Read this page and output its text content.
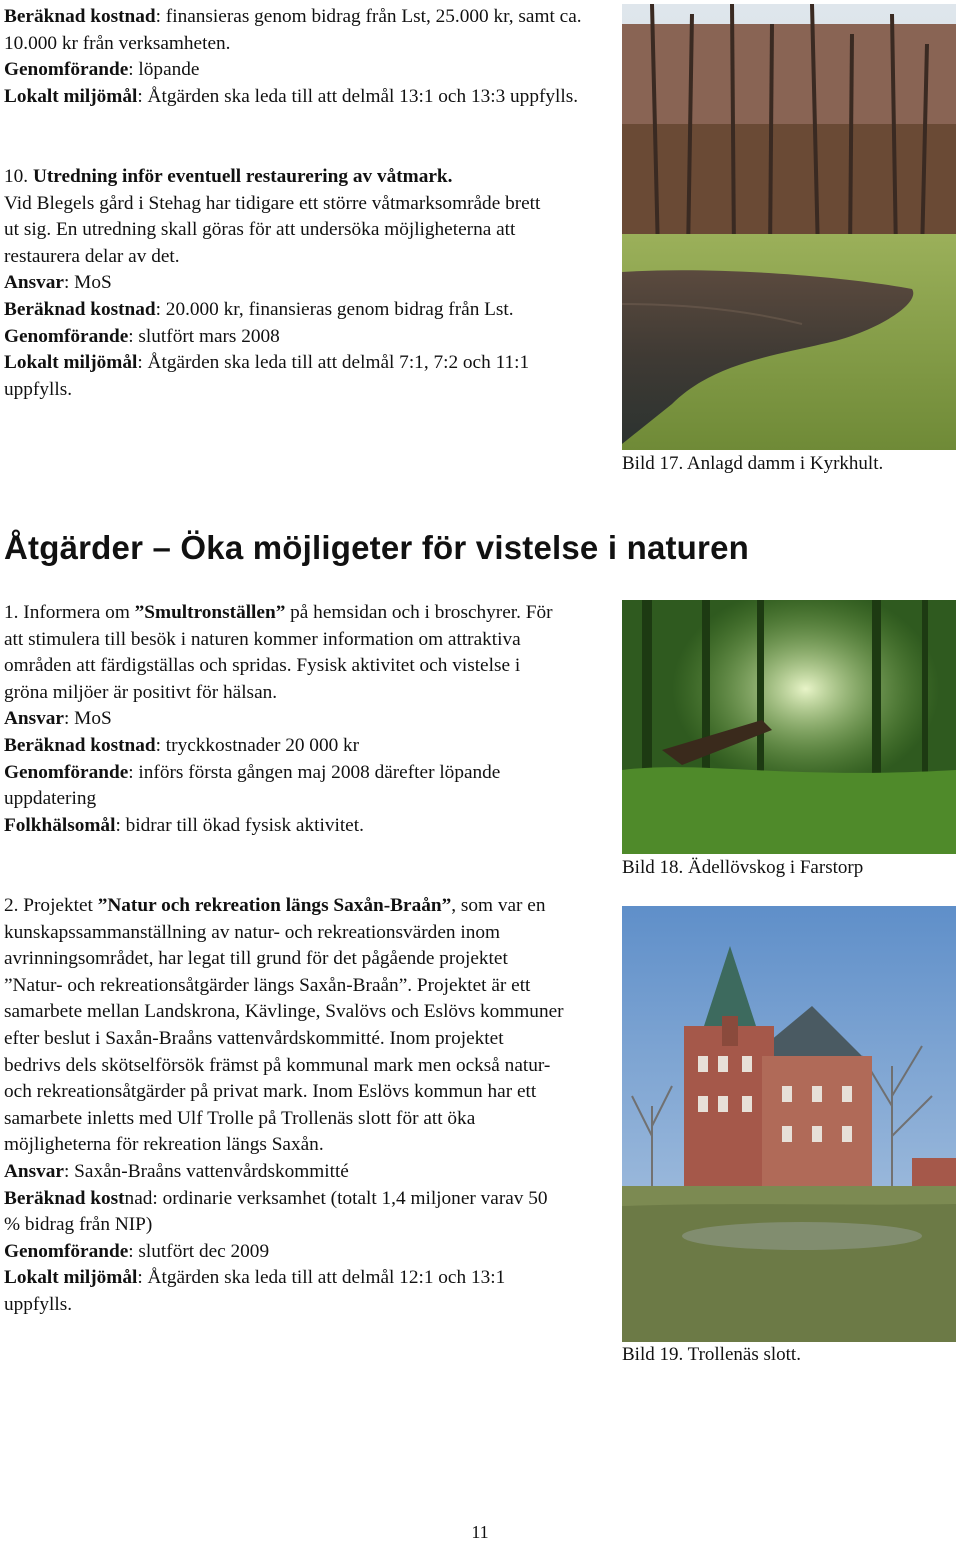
Beräknad kostnad: finansieras genom bidrag från Lst, 25.000 kr, samt ca. 10.000 kr från verksamheten.
Genomförande: löpande
Lokalt miljömål: Åtgärden ska leda till att delmål 13:1 och 13:3 uppfylls.

10. Utredning inför eventuell restaurering av våtmark.
Vid Blegels gård i Stehag har tidigare ett större våtmarksområde brett ut sig. En utredning skall göras för att undersöka möjligheterna att restaurera delar av det.
Ansvar: MoS
Beräknad kostnad: 20.000 kr, finansieras genom bidrag från Lst.
Genomförande: slutfört mars 2008
Lokalt miljömål: Åtgärden ska leda till att delmål 7:1, 7:2 och 11:1 uppfylls.

Bild 17. Anlagd damm i Kyrkhult.
Åtgärder – Öka möjligeter för vistelse i naturen

1. Informera om ”Smultronställen” på hemsidan och i broschyrer. För att stimulera till besök i naturen kommer information om attraktiva områden att färdigställas och spridas. Fysisk aktivitet och vistelse i gröna miljöer är positivt för hälsan.
Ansvar: MoS
Beräknad kostnad: tryckkostnader 20 000 kr
Genomförande: införs första gången maj 2008 därefter löpande uppdatering
Folkhälsomål: bidrar till ökad fysisk aktivitet.

Bild 18. Ädellövskog i Farstorp

2. Projektet ”Natur och rekreation längs Saxån-Braån”, som var en kunskapssammanställning av natur- och rekreationsvärden inom avrinningsområdet, har legat till grund för det pågående projektet ”Natur- och rekreationsåtgärder längs Saxån-Braån”. Projektet är ett samarbete mellan Landskrona, Kävlinge, Svalövs och Eslövs kommuner efter beslut i Saxån-Braåns vattenvårdskommitté. Inom projektet bedrivs dels skötselförsök främst på kommunal mark men också natur- och rekreationsåtgärder på privat mark. Inom Eslövs kommun har ett samarbete inletts med Ulf Trolle på Trollenäs slott för att öka möjligheterna för rekreation längs Saxån.
Ansvar: Saxån-Braåns vattenvårdskommitté
Beräknad kostnad: ordinarie verksamhet (totalt 1,4 miljoner varav 50 % bidrag från NIP)
Genomförande: slutfört dec 2009
Lokalt miljömål: Åtgärden ska leda till att delmål 12:1 och 13:1 uppfylls.

Bild 19. Trollenäs slott.
11
